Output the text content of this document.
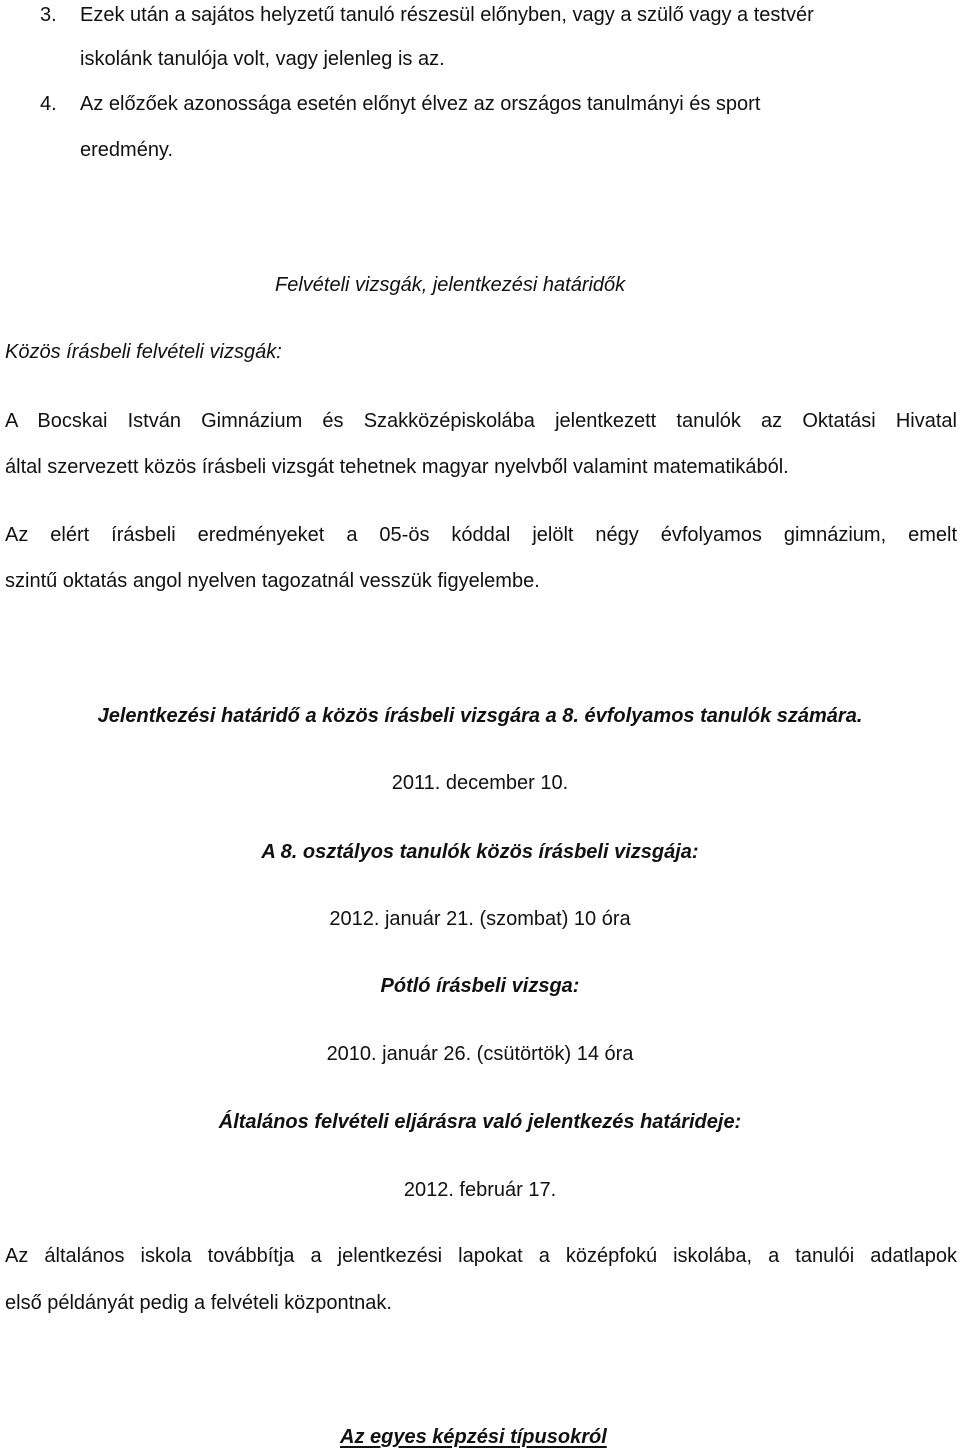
3. Ezek után a sajátos helyzetű tanuló részesül előnyben, vagy a szülő vagy a testvér
iskolánk tanulója volt, vagy jelenleg is az.
4. Az előzőek azonossága esetén előnyt élvez az országos tanulmányi és sport
eredmény.
Felvételi vizsgák, jelentkezési határidők
Közös írásbeli felvételi vizsgák:
A Bocskai István Gimnázium és Szakközépiskolába jelentkezett tanulók az Oktatási Hivatal
által szervezett közös írásbeli vizsgát tehetnek magyar nyelvből valamint matematikából.
Az elért írásbeli eredményeket a 05-ös kóddal jelölt négy évfolyamos gimnázium, emelt
szintű oktatás angol nyelven tagozatnál vesszük figyelembe.
Jelentkezési határidő a közös írásbeli vizsgára a 8. évfolyamos tanulók számára.
2011. december 10.
A 8. osztályos tanulók közös írásbeli vizsgája:
2012. január 21. (szombat) 10 óra
Pótló írásbeli vizsga:
2010. január 26. (csütörtök) 14 óra
Általános felvételi eljárásra való jelentkezés határideje:
2012. február 17.
Az általános iskola továbbítja a jelentkezési lapokat a középfokú iskolába, a tanulói adatlapok
első példányát pedig a felvételi központnak.
Az egyes képzési típusokról
